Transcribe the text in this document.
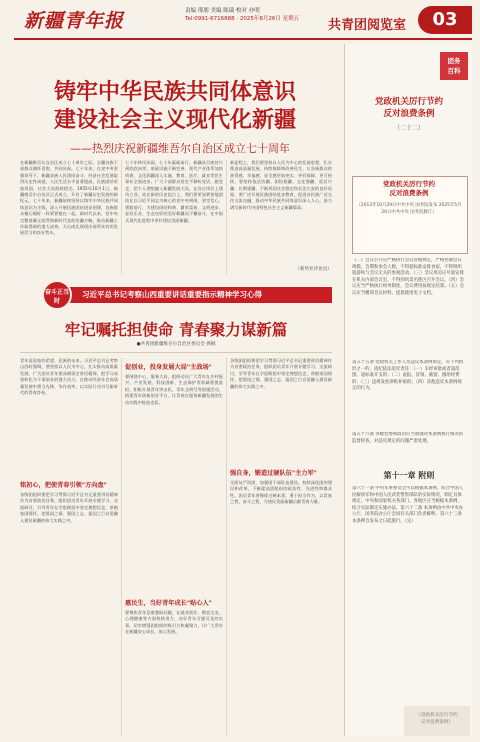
新疆青年报	责编 邢朋 美编 陈瑞 校对 亦明
Tel:0991-6716888 · 2025年8月26日 星期五 共青团阅览室	03
铸牢中华民族共同体意识
建设社会主义现代化新疆
——热烈庆祝新疆维吾尔自治区成立七十周年
在新疆维吾尔自治区成立七十周年之际，全疆各族干部群众满怀喜悦、共同庆祝。七十年来，在党中央坚强领导下，新疆各族人民团结奋斗，经济社会发展取得历史性成就，人民生活水平显著提高，民族团结更加巩固，社会大局持续稳定。1955年10月1日，新疆维吾尔自治区正式成立，开启了新疆历史发展的新纪元。七十年来，新疆始终坚持以铸牢中华民族共同体意识为主线，深入开展民族团结进步创建，各族群众像石榴籽一样紧紧抱在一起。新时代以来，党中央完整准确全面贯彻新时代党的治疆方略，推动新疆工作取得新的重大成效，天山南北展现出前所未有的发展活力和良好势头。
七十年栉风沐雨，七十年砥砺前行。新疆从百废待兴到欣欣向荣，基础设施不断完善，现代产业体系加快构建，文化润疆深入实施，教育、医疗、就业等民生事业全面进步。广大干部群众坚定不移听党话、跟党走，把个人理想融入新疆发展大局，在各自岗位上建功立业。站在新的历史起点上，我们要更加紧密地团结在以习近平同志为核心的党中央周围，坚定信心、勇毅前行，为建设团结和谐、繁荣富裕、文明进步、安居乐业、生态良好的美好新疆而不懈奋斗，在中国式现代化进程中更好建设美丽新疆。
新征程上，我们要坚持以人民为中心的发展思想，扎实推进高质量发展，持续保障和改善民生，让各族群众的获得感、幸福感、安全感更加充实、更有保障、更可持续。要坚持依法治疆、团结稳疆、文化润疆、富民兴疆、长期建疆，不断巩固社会稳定和长治久安的良好局面。要广泛开展民族团结进步教育，促进各民族广泛交往交流交融，推动中华民族共同体意识深入人心，奋力谱写新时代中国特色社会主义新疆篇章。
（新华社评论员）
习近平总书记考察山西重要讲话重要指示精神学习心得
奋斗正当时
牢记嘱托担使命 青春聚力谋新篇
●共青团新疆维吾尔自治区委员会 供稿
青年是国家的希望、民族的未来。习近平总书记考察山西时强调，要坚持以人民为中心，扎实推动高质量发展。广大团员青年要深刻领会讲话精神，把学习成果转化为干事创业的强大动力，在推动经济社会高质量发展中勇当先锋、争作表率，以实际行动书写新时代的青春答卷。
铭初心，把使青春引领"方向盘"
各级团组织要把学习贯彻习近平总书记重要讲话精神作为首要政治任务，组织团员青年开展专题学习、交流研讨，引导青年在学思践悟中坚定理想信念，厚植家国情怀，把爱国之情、强国之志、报国之行自觉融入建设新疆的伟大实践之中。
促创业，投身发展大局"主战场"
要围绕中心、服务大局，组织动员广大青年在乡村振兴、产业发展、科技创新、生态保护等领域勇挑重担，积极开展青年突击队、青年文明号等创建活动，搭建青年创新创业平台，让青春在服务新疆发展的生动实践中绽放光彩。
惠民生，当好青年成长"贴心人"
要聚焦青年急难愁盼问题，在就业创业、婚恋交友、心理健康等方面持续用力，办好青年可感可及的实事，切实增强团组织的吸引力和凝聚力，让广大青年在新疆安心成长、放心发展。
各级团组织要把学习贯彻习近平总书记重要讲话精神作为首要政治任务，组织团员青年开展专题学习、交流研讨，引导青年在学思践悟中坚定理想信念，厚植家国情怀，把爱国之情、强国之志、报国之行自觉融入建设新疆的伟大实践之中。
强自身，锻造过硬队伍"主力军"
全面从严治团，加强团干部队伍建设，持续深化团的建设和改革，不断提高团组织的政治性、先进性和群众性。团员青年要锤炼过硬本领，勇于担当作为，以青春之我、奋斗之我，为建设美丽新疆贡献青春力量。
团务
百科
党政机关厉行节约
反对浪费条例
（二十二）
党政机关厉行节约
反对浪费条例
（2013年10月29日中共中央 国务院发布 2025年5月20日中共中央 国务院修订）
（二）会议召开应严格执行会议管理规定，严格控制会议规模、会期和参会人数，不得超标准安排食宿，不得组织旅游和与会议无关的参观活动。（三）会议用房应尽量安排在机关内部会议室，不得到风景名胜区召开会议。（四）会议应当严格执行财务制度，会议费用按规定结算。（五）会议应当精简会议材料，提倡使用电子文档。
第五十五条 党政机关工作人员违反本条例规定，有下列情形之一的，依纪依法追究责任：（一）未经审批或者超范围、超标准开支的；（二）虚报、冒领、截留、挪用经费的；（三）违规发放津贴补贴的；（四）其他违反本条例规定的行为。
第五十六条 各级党委和政府应当加强对本条例执行情况的监督检查，对违反规定的问题严肃处理。
第十一章 附则
第六十一条 中央军事委员会可以根据本条例，结合中国人民解放军和中国人民武装警察部队的实际情况，制定具体规定。中央和国家机关各部门、各地区应当根据本条例，结合实际制定实施办法。第六十二条 本条例由中共中央办公厅、国务院办公厅会同有关部门负责解释。第六十三条 本条例自发布之日起施行。（完）
《党政机关厉行节约
反对浪费条例》
